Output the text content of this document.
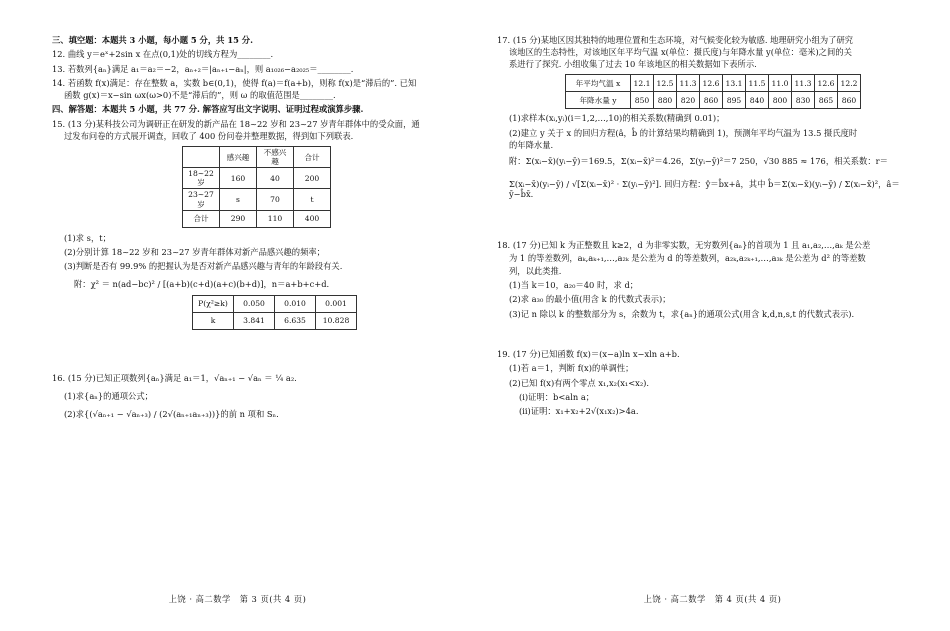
三、填空题：本题共 3 小题，每小题 5 分，共 15 分.

12. 曲线 y＝eˣ+2sin x 在点(0,1)处的切线方程为________.

13. 若数列{aₙ}满足 a₁＝a₂＝−2，aₙ₊₂＝|aₙ₊₁−aₙ|，则 a₁₀₂₆−a₂₀₂₅＝________.

14. 若函数 f(x)满足：存在整数 a，实数 b∈(0,1)，使得 f(a)＝f(a+b)，则称 f(x)是“滞后的”. 已知

函数 g(x)＝x−sin ωx(ω>0)不是“滞后的”，则 ω 的取值范围是________.

四、解答题：本题共 5 小题，共 77 分. 解答应写出文字说明、证明过程或演算步骤.

15. (13 分)某科技公司为调研正在研发的新产品在 18~22 岁和 23~27 岁青年群体中的受众面，通

过发布问卷的方式展开调查，回收了 400 份问卷并整理数据，得到如下列联表.

	感兴趣	不感兴趣	合计
18~22 岁	160	40	200
23~27 岁	s	70	t
合计	290	110	400

(1)求 s，t；

(2)分别计算 18~22 岁和 23~27 岁青年群体对新产品感兴趣的频率；

(3)判断是否有 99.9% 的把握认为是否对新产品感兴趣与青年的年龄段有关.

附：χ² ＝ n(ad−bc)² / [(a+b)(c+d)(a+c)(b+d)]，n＝a+b+c+d.

P(χ²≥k)	0.050	0.010	0.001
k	3.841	6.635	10.828

16. (15 分)已知正项数列{aₙ}满足 a₁＝1，√aₙ₊₁ − √aₙ ＝ ¼ a₂.

(1)求{aₙ}的通项公式；

(2)求{(√aₙ₊₁ − √aₙ₊₃) / (2√(aₙ₊₁aₙ₊₃))}的前 n 项和 Sₙ.

上饶 · 高二数学　第 3 页(共 4 页)

17. (15 分)某地区因其独特的地理位置和生态环境，对气候变化较为敏感. 地理研究小组为了研究

该地区的生态特性，对该地区年平均气温 x(单位：摄氏度)与年降水量 y(单位：毫米)之间的关

系进行了探究. 小组收集了过去 10 年该地区的相关数据如下表所示.

年平均气温 x	12.1	12.5	11.3	12.6	13.1	11.5	11.0	11.3	12.6	12.2
年降水量 y	850	880	820	860	895	840	800	830	865	860

(1)求样本(xᵢ,yᵢ)(i＝1,2,…,10)的相关系数(精确到 0.01)；

(2)建立 y 关于 x 的回归方程(â，b̂ 的计算结果均精确到 1)，预测年平均气温为 13.5 摄氏度时

的年降水量.

附：Σ(xᵢ−x̄)(yᵢ−ȳ)＝169.5，Σ(xᵢ−x̄)²＝4.26，Σ(yᵢ−ȳ)²＝7 250，√30 885 ≈ 176，相关系数：r＝

Σ(xᵢ−x̄)(yᵢ−ȳ) / √[Σ(xᵢ−x̄)² · Σ(yᵢ−ȳ)²]. 回归方程：ŷ＝b̂x+â，其中 b̂＝Σ(xᵢ−x̄)(yᵢ−ȳ) / Σ(xᵢ−x̄)²，â＝ȳ−b̂x̄.

18. (17 分)已知 k 为正整数且 k≥2，d 为非零实数，无穷数列{aₙ}的首项为 1 且 a₁,a₂,…,aₖ 是公差

为 1 的等差数列，aₖ,aₖ₊₁,…,a₂ₖ 是公差为 d 的等差数列，a₂ₖ,a₂ₖ₊₁,…,a₃ₖ 是公差为 d² 的等差数

列，以此类推.

(1)当 k＝10，a₂₀＝40 时，求 d；

(2)求 a₃₀ 的最小值(用含 k 的代数式表示)；

(3)记 n 除以 k 的整数部分为 s，余数为 t，求{aₙ}的通项公式(用含 k,d,n,s,t 的代数式表示).

19. (17 分)已知函数 f(x)＝(x−a)ln x−xln a+b.

(1)若 a＝1，判断 f(x)的单调性；

(2)已知 f(x)有两个零点 x₁,x₂(x₁<x₂).

(i)证明：b<aln a；

(ii)证明：x₁+x₂+2√(x₁x₂)>4a.

上饶 · 高二数学　第 4 页(共 4 页)
